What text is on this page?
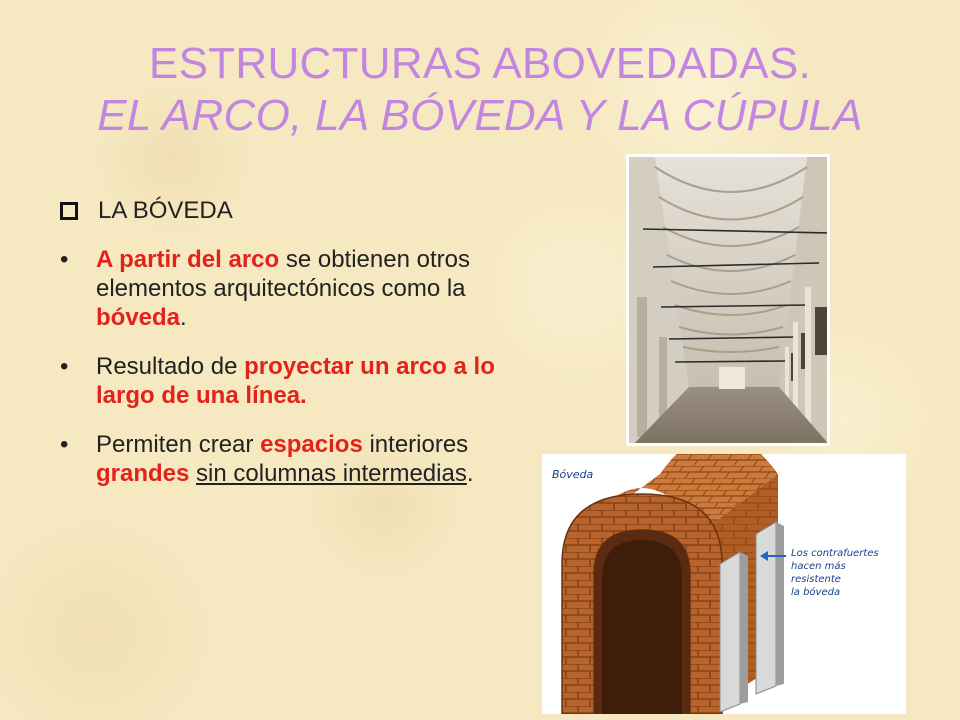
ESTRUCTURAS ABOVEDADAS.
EL ARCO, LA BÓVEDA Y LA CÚPULA
LA BÓVEDA
• A partir del arco se obtienen otros elementos arquitectónicos como la bóveda.
• Resultado de proyectar un arco a lo largo de una línea.
• Permiten crear espacios interiores grandes sin columnas intermedias.	Bóveda
Los contrafuertes
hacen más
resistente
la bóveda
